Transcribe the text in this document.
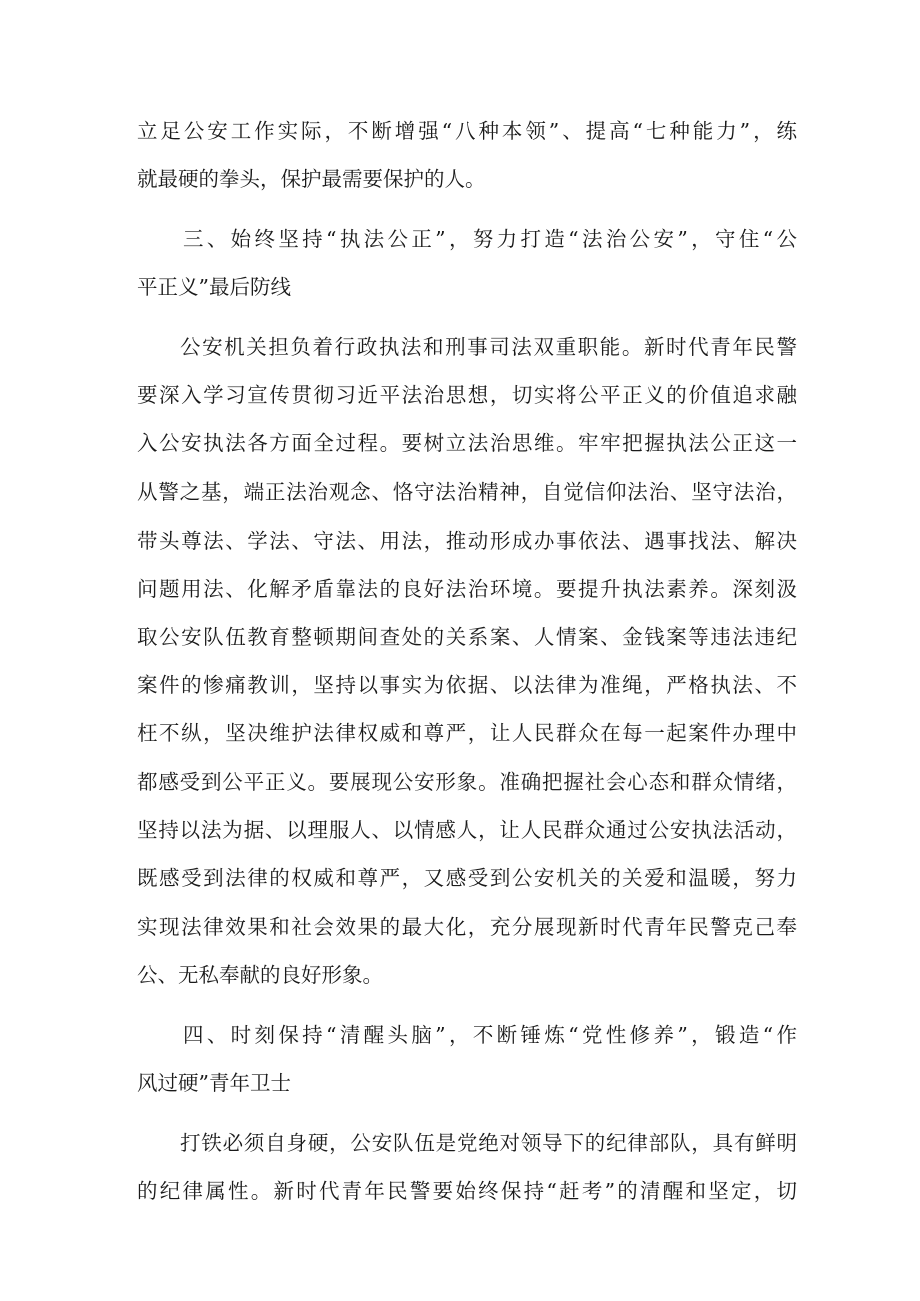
立足公安工作实际，不断增强“八种本领”、提高“七种能力”，练
就最硬的拳头，保护最需要保护的人。
三、始终坚持“执法公正”，努力打造“法治公安”，守住“公
平正义”最后防线
公安机关担负着行政执法和刑事司法双重职能。新时代青年民警
要深入学习宣传贯彻习近平法治思想，切实将公平正义的价值追求融
入公安执法各方面全过程。要树立法治思维。牢牢把握执法公正这一
从警之基，端正法治观念、恪守法治精神，自觉信仰法治、坚守法治，
带头尊法、学法、守法、用法，推动形成办事依法、遇事找法、解决
问题用法、化解矛盾靠法的良好法治环境。要提升执法素养。深刻汲
取公安队伍教育整顿期间查处的关系案、人情案、金钱案等违法违纪
案件的惨痛教训，坚持以事实为依据、以法律为准绳，严格执法、不
枉不纵，坚决维护法律权威和尊严，让人民群众在每一起案件办理中
都感受到公平正义。要展现公安形象。准确把握社会心态和群众情绪，
坚持以法为据、以理服人、以情感人，让人民群众通过公安执法活动，
既感受到法律的权威和尊严，又感受到公安机关的关爱和温暖，努力
实现法律效果和社会效果的最大化，充分展现新时代青年民警克己奉
公、无私奉献的良好形象。
四、时刻保持“清醒头脑”，不断锤炼“党性修养”，锻造“作
风过硬”青年卫士
打铁必须自身硬，公安队伍是党绝对领导下的纪律部队，具有鲜明
的纪律属性。新时代青年民警要始终保持“赶考”的清醒和坚定，切
